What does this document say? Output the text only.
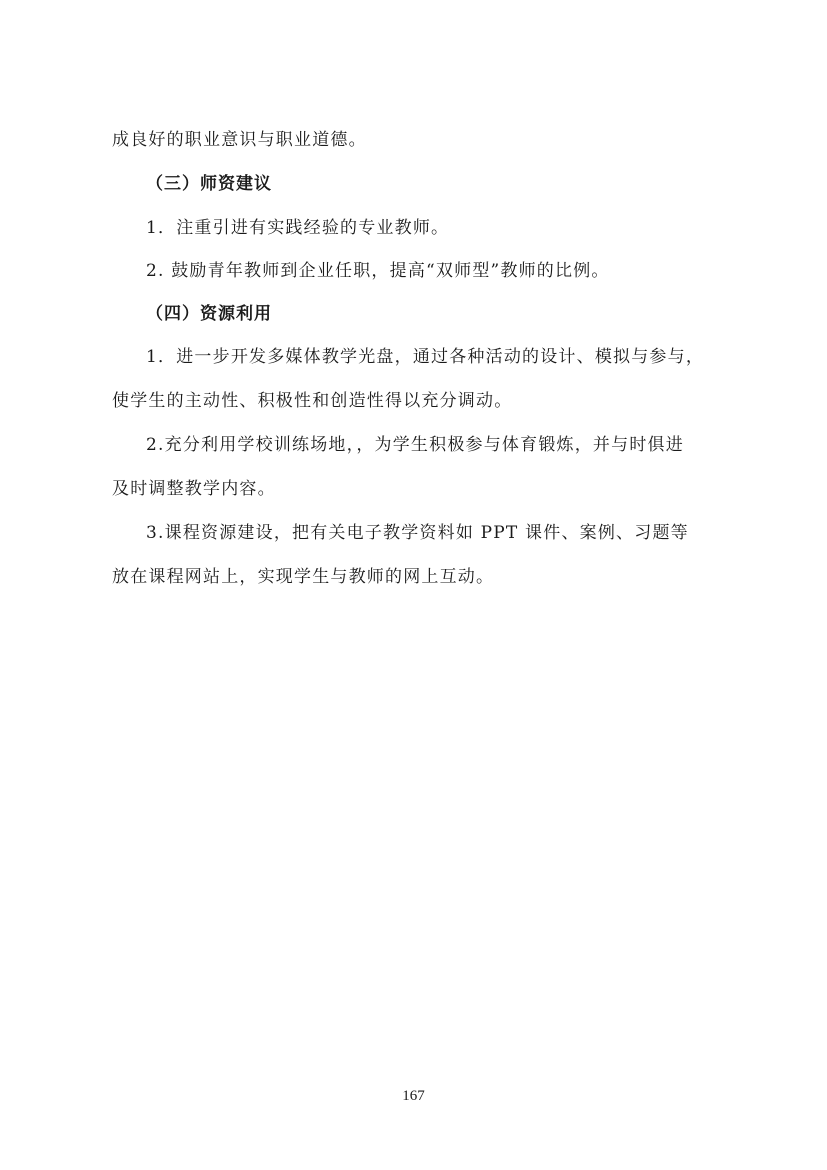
成良好的职业意识与职业道德。
（三）师资建议
1．注重引进有实践经验的专业教师。
2. 鼓励青年教师到企业任职，提高“双师型”教师的比例。
（四）资源利用
1．进一步开发多媒体教学光盘，通过各种活动的设计、模拟与参与，
使学生的主动性、积极性和创造性得以充分调动。
2.充分利用学校训练场地，，为学生积极参与体育锻炼，并与时俱进
及时调整教学内容。
3.课程资源建设，把有关电子教学资料如 PPT 课件、案例、习题等
放在课程网站上，实现学生与教师的网上互动。
167
